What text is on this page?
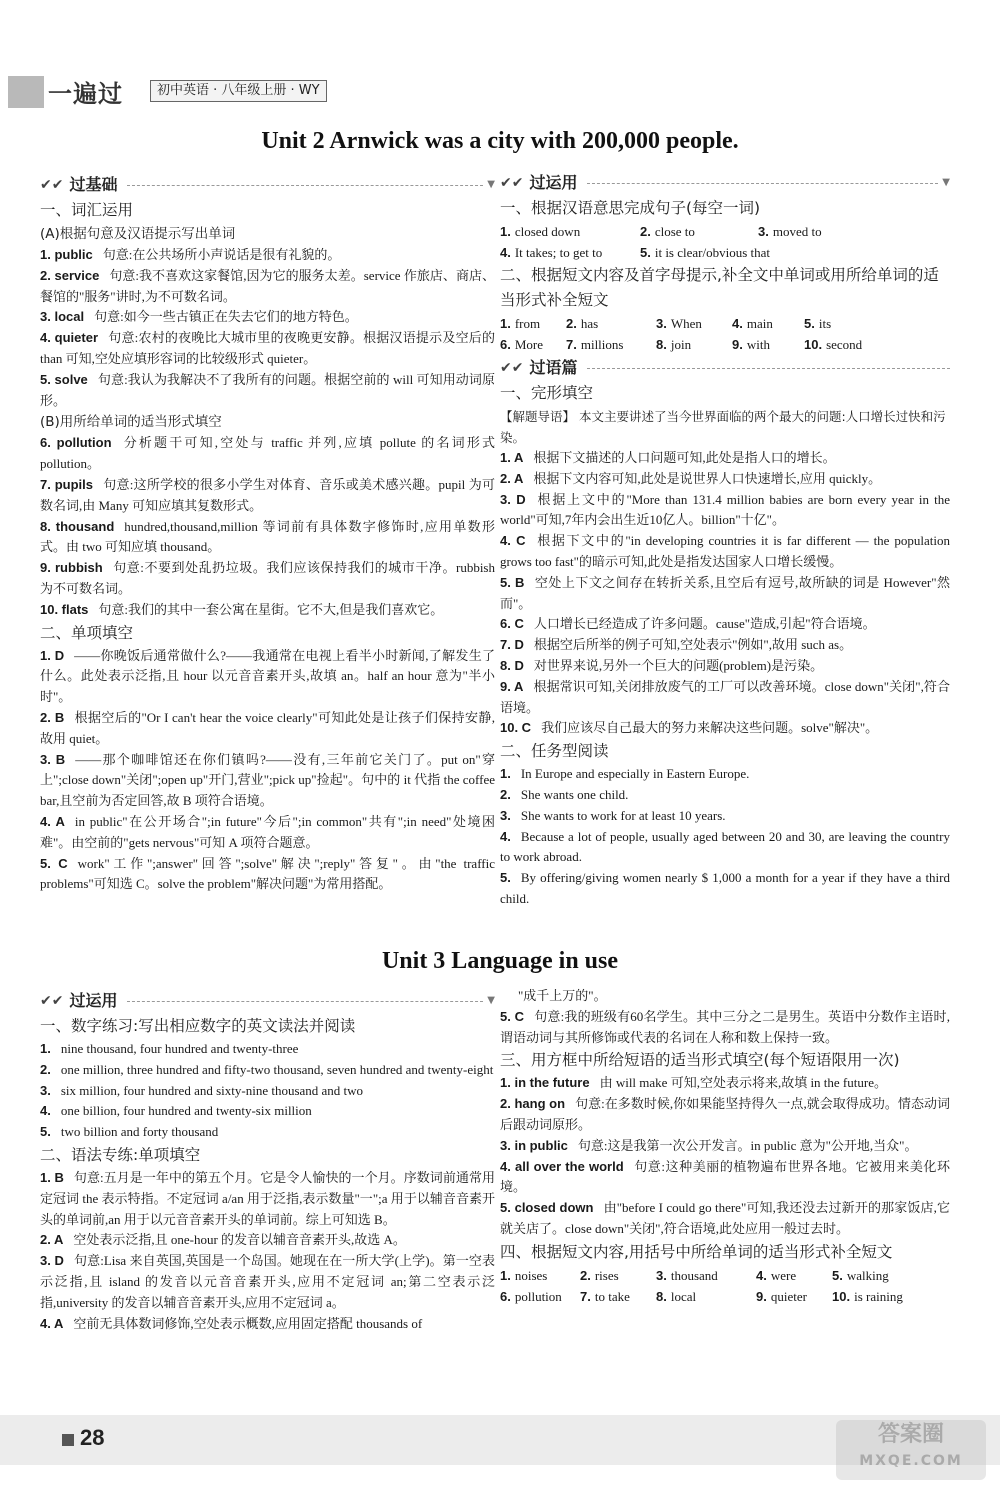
一遍过	初中英语 · 八年级上册 · WY
Unit 2 Arnwick was a city with 200,000 people.
✔✔ 过基础	▼
一、词汇运用
(A)根据句意及汉语提示写出单词
1. public 句意:在公共场所小声说话是很有礼貌的。
2. service 句意:我不喜欢这家餐馆,因为它的服务太差。service 作旅店、商店、餐馆的"服务"讲时,为不可数名词。
3. local 句意:如今一些古镇正在失去它们的地方特色。
4. quieter 句意:农村的夜晚比大城市里的夜晚更安静。根据汉语提示及空后的 than 可知,空处应填形容词的比较级形式 quieter。
5. solve 句意:我认为我解决不了我所有的问题。根据空前的 will 可知用动词原形。
(B)用所给单词的适当形式填空
6. pollution 分析题干可知,空处与 traffic 并列,应填 pollute 的名词形式 pollution。
7. pupils 句意:这所学校的很多小学生对体育、音乐或美术感兴趣。pupil 为可数名词,由 Many 可知应填其复数形式。
8. thousand hundred,thousand,million 等词前有具体数字修饰时,应用单数形式。由 two 可知应填 thousand。
9. rubbish 句意:不要到处乱扔垃圾。我们应该保持我们的城市干净。rubbish 为不可数名词。
10. flats 句意:我们的其中一套公寓在星街。它不大,但是我们喜欢它。
二、单项填空
1. D ——你晚饭后通常做什么?——我通常在电视上看半小时新闻,了解发生了什么。此处表示泛指,且 hour 以元音音素开头,故填 an。half an hour 意为"半小时"。
2. B 根据空后的"Or I can't hear the voice clearly"可知此处是让孩子们保持安静,故用 quiet。
3. B ——那个咖啡馆还在你们镇吗?——没有,三年前它关门了。put on"穿上";close down"关闭";open up"开门,营业";pick up"捡起"。句中的 it 代指 the coffee bar,且空前为否定回答,故 B 项符合语境。
4. A in public"在公开场合";in future"今后";in common"共有";in need"处境困难"。由空前的"gets nervous"可知 A 项符合题意。
5. C work"工作";answer"回答";solve"解决";reply"答复"。由"the traffic problems"可知选 C。solve the problem"解决问题"为常用搭配。
✔✔ 过运用	▼
一、根据汉语意思完成句子(每空一词)
1. closed down	2. close to	3. moved to
4. It takes; to get to	5. it is clear/obvious that
二、根据短文内容及首字母提示,补全文中单词或用所给单词的适当形式补全短文
1. from	2. has	3. When	4. main	5. its
6. More	7. millions	8. join	9. with	10. second
✔✔ 过语篇
一、完形填空
【解题导语】 本文主要讲述了当今世界面临的两个最大的问题:人口增长过快和污染。
1. A 根据下文描述的人口问题可知,此处是指人口的增长。
2. A 根据下文内容可知,此处是说世界人口快速增长,应用 quickly。
3. D 根据上文中的"More than 131.4 million babies are born every year in the world"可知,7年内会出生近10亿人。billion"十亿"。
4. C 根据下文中的"in developing countries it is far different — the population grows too fast"的暗示可知,此处是指发达国家人口增长缓慢。
5. B 空处上下文之间存在转折关系,且空后有逗号,故所缺的词是 However"然而"。
6. C 人口增长已经造成了许多问题。cause"造成,引起"符合语境。
7. D 根据空后所举的例子可知,空处表示"例如",故用 such as。
8. D 对世界来说,另外一个巨大的问题(problem)是污染。
9. A 根据常识可知,关闭排放废气的工厂可以改善环境。close down"关闭",符合语境。
10. C 我们应该尽自己最大的努力来解决这些问题。solve"解决"。
二、任务型阅读
1. In Europe and especially in Eastern Europe.
2. She wants one child.
3. She wants to work for at least 10 years.
4. Because a lot of people, usually aged between 20 and 30, are leaving the country to work abroad.
5. By offering/giving women nearly $ 1,000 a month for a year if they have a third child.
Unit 3 Language in use
✔✔ 过运用	▼
一、数字练习:写出相应数字的英文读法并阅读
1. nine thousand, four hundred and twenty-three
2. one million, three hundred and fifty-two thousand, seven hundred and twenty-eight
3. six million, four hundred and sixty-nine thousand and two
4. one billion, four hundred and twenty-six million
5. two billion and forty thousand
二、语法专练:单项填空
1. B 句意:五月是一年中的第五个月。它是令人愉快的一个月。序数词前通常用定冠词 the 表示特指。不定冠词 a/an 用于泛指,表示数量"一";a 用于以辅音音素开头的单词前,an 用于以元音音素开头的单词前。综上可知选 B。
2. A 空处表示泛指,且 one-hour 的发音以辅音音素开头,故选 A。
3. D 句意:Lisa 来自英国,英国是一个岛国。她现在在一所大学(上学)。第一空表示泛指,且 island 的发音以元音音素开头,应用不定冠词 an;第二空表示泛指,university 的发音以辅音音素开头,应用不定冠词 a。
4. A 空前无具体数词修饰,空处表示概数,应用固定搭配 thousands of
"成千上万的"。
5. C 句意:我的班级有60名学生。其中三分之二是男生。英语中分数作主语时,谓语动词与其所修饰或代表的名词在人称和数上保持一致。
三、用方框中所给短语的适当形式填空(每个短语限用一次)
1. in the future 由 will make 可知,空处表示将来,故填 in the future。
2. hang on 句意:在多数时候,你如果能坚持得久一点,就会取得成功。情态动词后跟动词原形。
3. in public 句意:这是我第一次公开发言。in public 意为"公开地,当众"。
4. all over the world 句意:这种美丽的植物遍布世界各地。它被用来美化环境。
5. closed down 由"before I could go there"可知,我还没去过新开的那家饭店,它就关店了。close down"关闭",符合语境,此处应用一般过去时。
四、根据短文内容,用括号中所给单词的适当形式补全短文
1. noises	2. rises	3. thousand	4. were	5. walking
6. pollution	7. to take	8. local	9. quieter	10. is raining
28	答案圈
MXQE.COM
